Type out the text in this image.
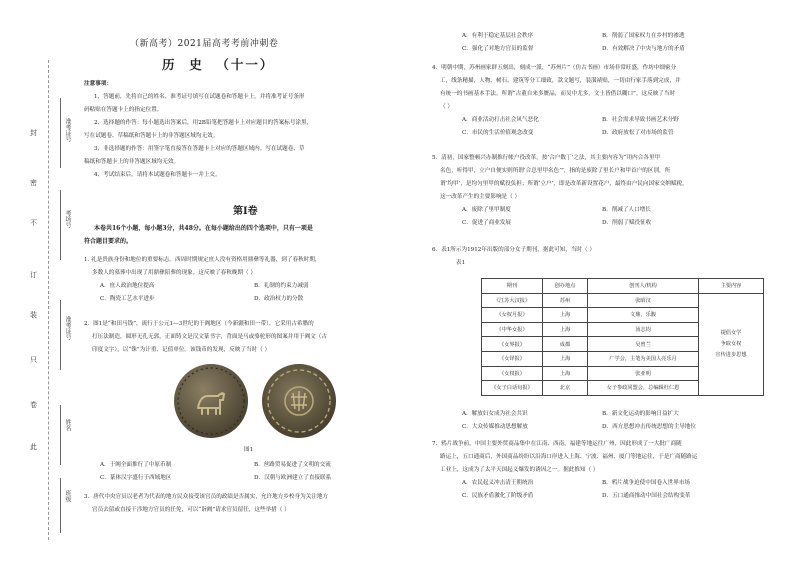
封
密
不
订
装
只
卷
此
准考证号
考场号
准考证号
姓名
班级
（新高考）2021届高考考前冲刺卷
历  史  （十一）
注意事项：
1、答题前，先将自己的姓名、准考证号填写在试题卷和答题卡上，并将准考证号条形
码粘贴在答题卡上的指定位置。
2、选择题的作答：每小题选出答案后，用2B铅笔把答题卡上对应题目的答案标号涂黑，
写在试题卷、草稿纸和答题卡上的非答题区域均无效。
3、非选择题的作答：用签字笔直接答在答题卡上对应的答题区域内。写在试题卷、草
稿纸和答题卡上的非答题区域均无效。
4、考试结束后，请将本试题卷和答题卡一并上交。
第Ⅰ卷
本卷共16个小题，每小题3分，共48分。在每小题给出的四个选项中，只有一项是
符合题目要求的。
1. 礼是贵族身份和地位的重要标志。西周时期规定庶人没有资格用鼎彝等礼器，到了春秋时期，
多数人的墓葬中出现了用鼎彝陪葬的现象。这反映了春秋晚期（ ）
A．庶人政治地位提高	B．礼制的约束力减弱
C．陶瓷工艺水平进步	D．政治权力的分散
2．图1是“和田马钱”，流行于公元1—3世纪的于阗地区（今新疆和田一带），它采用古希腊的
打压法制造，圆形无孔无郭，正面铸文是汉文篆书字，背面是马或骆驼形的图案并用于阗文（古
印度文字），以“铢”为计重、记值单位。该钱币的发现，反映了当时（ ）
图1
A．于阗全面推行了中原币制	B．丝路贸易促进了文明的交流
C．篆体汉字盛行于西域地区	D．汉朝与欧洲建立了直接联系
3．唐代中央官员以老者为代表的地方民众接受该官员的政绩是否属实，允许地方乡校身为关注地方
官员去留或直接干涉地方官员的任免，可以“诣阙”请求官员留任，这些举措（ ）
A．有利于稳定基层社会秩序	B．削弱了国家权力在乡村的渗透
C．强化了对地方官员的监督	D．有效解决了中央与地方的矛盾
4．明朝中期，苏州画家群五刻出，刻成一派，“苏州片”（仿古书画）市场非常旺盛，作坊中细密分
工，线条精描，人物、树石、建筑等分工细致，款文题写，装潢裱贴，一切由行家手落到完成，并
有统一的书画基本手法。所谓“古董自来多赝品，而吴中尤多，文士皆借以糊口”。这反映了当时
（ ）
A．商业活动打击社会风气恶化	B．社会需求导致书画艺术分野
C．市民的生活价值观念改变	D．政府放松了对市场的监管
5．清初，国家整顿兴办制推行帐户役改革。按‘合户数丁’之法，其主要内容为“用内合各里甲
名色，听得甲，立户自便实则所谓‘合总里甲名色’”，指的是废除了里长户和甲首户的区别，所
谓‘均甲’，是均匀里甲的赋役负担；所谓‘立户’，即是改革新设置花户，最终由户民向国家交纳赋税。
这一改革产生的主要影响是（ ）
A．废除了里甲制度	B．削减了人口增长
C．促进了商业发展	D．削弱了赋役征收
6．表1所示为1912年出版的部分女子期刊，据此可知，当时（ ）
表1
期刊	创办地点	创刊人/机构	主要内容
《江苏大汉报》	苏州	张昭汉	提倡女学
争取女权
宣传进步思想

《女权月报》	上海	文鼎、乐馥	
《中华女报》	上海	汤志钧	
《女界报》	成都	吴曾兰	
《女铎报》	上海	广学会，主笔为美国人亮乐月	
《女权报》	上海	张亚明	
《女子白话旬报》	北京	女子参政同盟会，总编辑杜仁恩	
A．解放妇女成为社会共识	B．新文化运动的影响日益扩大
C．大众传媒推动思想解放	D．西方思想冲击传统思想的主导地位
7．鸦片战争前，中国主要外贸商品集中在江南、西南，福建等地运往广州，因此形成了一大批广商随
路运上，五口通商后，外国商品纷纷以沿海口岸进入上海、宁波、福州、厦门等地运往，于是广商随路运
工业上，这成为了太平天国起义爆发的诱因之一。据此推知（ ）
A．农民起义冲击清王朝统治	B．鸦片战争迫使中国卷入世界市场
C．民族矛盾激化了阶级矛盾	D．五口通商推动中国社会结构变革
